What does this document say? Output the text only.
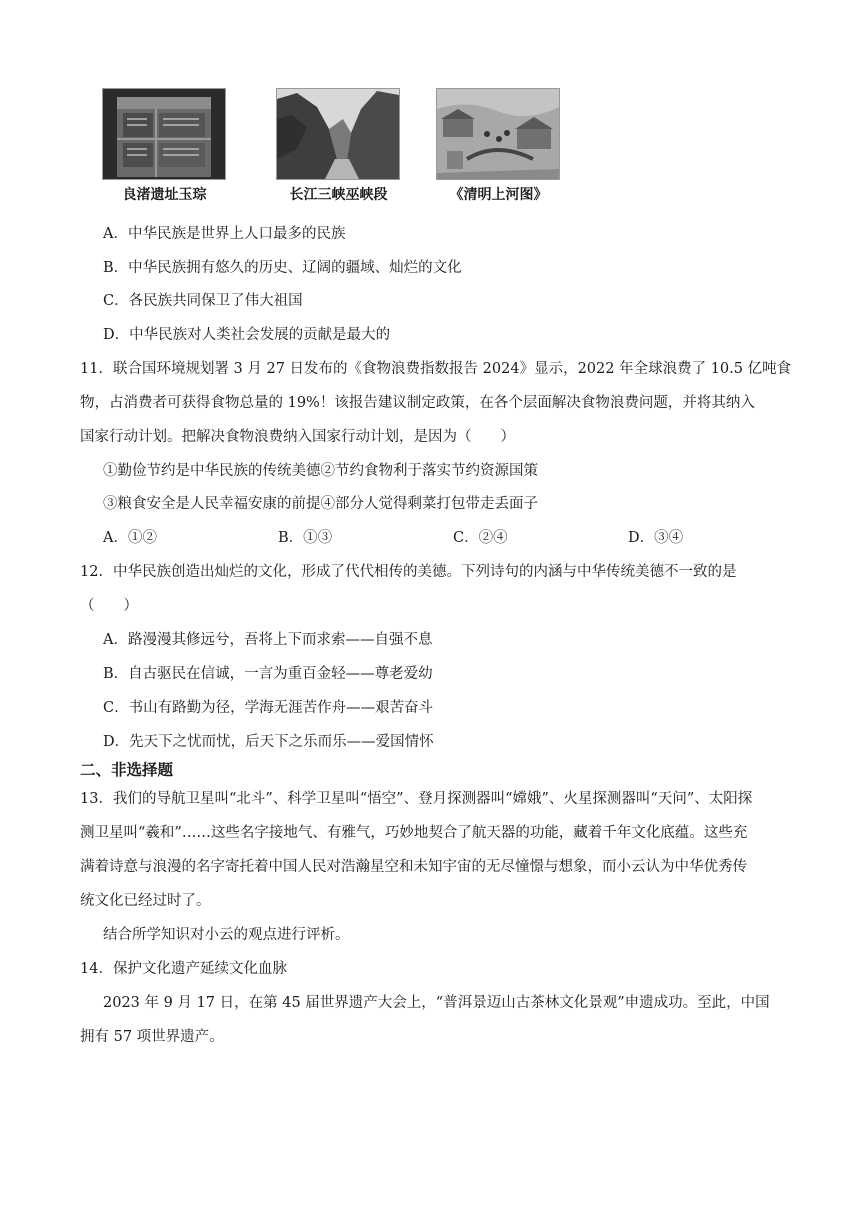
良渚遗址玉琮	长江三峡巫峡段	《清明上河图》
A．中华民族是世界上人口最多的民族
B．中华民族拥有悠久的历史、辽阔的疆域、灿烂的文化
C．各民族共同保卫了伟大祖国
D．中华民族对人类社会发展的贡献是最大的
11．联合国环境规划署 3 月 27 日发布的《食物浪费指数报告 2024》显示，2022 年全球浪费了 10.5 亿吨食
物，占消费者可获得食物总量的 19%！该报告建议制定政策，在各个层面解决食物浪费问题，并将其纳入
国家行动计划。把解决食物浪费纳入国家行动计划，是因为（　　）
①勤俭节约是中华民族的传统美德②节约食物利于落实节约资源国策
③粮食安全是人民幸福安康的前提④部分人觉得剩菜打包带走丢面子
A．①②	B．①③	C．②④	D．③④
12．中华民族创造出灿烂的文化，形成了代代相传的美德。下列诗句的内涵与中华传统美德不一致的是
（　　）
A．路漫漫其修远兮，吾将上下而求索——自强不息
B．自古驱民在信诚，一言为重百金轻——尊老爱幼
C．书山有路勤为径，学海无涯苦作舟——艰苦奋斗
D．先天下之忧而忧，后天下之乐而乐——爱国情怀
二、非选择题
13．我们的导航卫星叫“北斗”、科学卫星叫“悟空”、登月探测器叫“嫦娥”、火星探测器叫“天问”、太阳探
测卫星叫“羲和”……这些名字接地气、有雅气，巧妙地契合了航天器的功能，藏着千年文化底蕴。这些充
满着诗意与浪漫的名字寄托着中国人民对浩瀚星空和未知宇宙的无尽憧憬与想象，而小云认为中华优秀传
统文化已经过时了。
结合所学知识对小云的观点进行评析。
14．保护文化遗产延续文化血脉
2023 年 9 月 17 日，在第 45 届世界遗产大会上，“普洱景迈山古茶林文化景观”申遗成功。至此，中国
拥有 57 项世界遗产。
